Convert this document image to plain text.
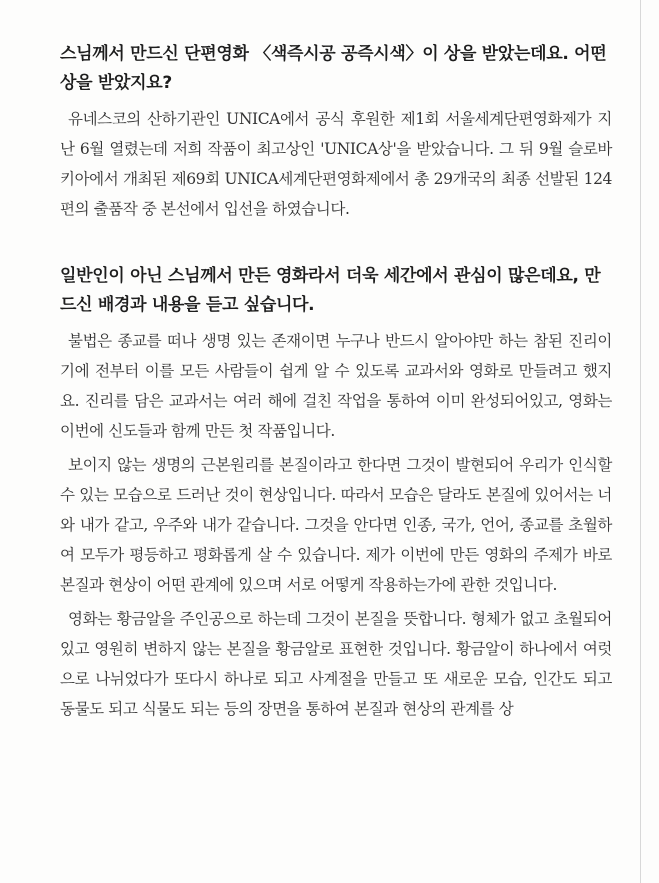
스님께서 만드신 단편영화 〈색즉시공 공즉시색〉이 상을 받았는데요. 어떤 상을 받았지요?

유네스코의 산하기관인 UNICA에서 공식 후원한 제1회 서울세계단편영화제가 지난 6월 열렸는데 저희 작품이 최고상인 'UNICA상'을 받았습니다. 그 뒤 9월 슬로바키아에서 개최된 제69회 UNICA세계단편영화제에서 총 29개국의 최종 선발된 124편의 출품작 중 본선에서 입선을 하였습니다.

일반인이 아닌 스님께서 만든 영화라서 더욱 세간에서 관심이 많은데요, 만드신 배경과 내용을 듣고 싶습니다.

불법은 종교를 떠나 생명 있는 존재이면 누구나 반드시 알아야만 하는 참된 진리이기에 전부터 이를 모든 사람들이 쉽게 알 수 있도록 교과서와 영화로 만들려고 했지요. 진리를 담은 교과서는 여러 해에 걸친 작업을 통하여 이미 완성되어있고, 영화는 이번에 신도들과 함께 만든 첫 작품입니다.

보이지 않는 생명의 근본원리를 본질이라고 한다면 그것이 발현되어 우리가 인식할 수 있는 모습으로 드러난 것이 현상입니다. 따라서 모습은 달라도 본질에 있어서는 너와 내가 같고, 우주와 내가 같습니다. 그것을 안다면 인종, 국가, 언어, 종교를 초월하여 모두가 평등하고 평화롭게 살 수 있습니다. 제가 이번에 만든 영화의 주제가 바로 본질과 현상이 어떤 관계에 있으며 서로 어떻게 작용하는가에 관한 것입니다.

영화는 황금알을 주인공으로 하는데 그것이 본질을 뜻합니다. 형체가 없고 초월되어 있고 영원히 변하지 않는 본질을 황금알로 표현한 것입니다. 황금알이 하나에서 여럿으로 나뉘었다가 또다시 하나로 되고 사계절을 만들고 또 새로운 모습, 인간도 되고 동물도 되고 식물도 되는 등의 장면을 통하여 본질과 현상의 관계를 상
